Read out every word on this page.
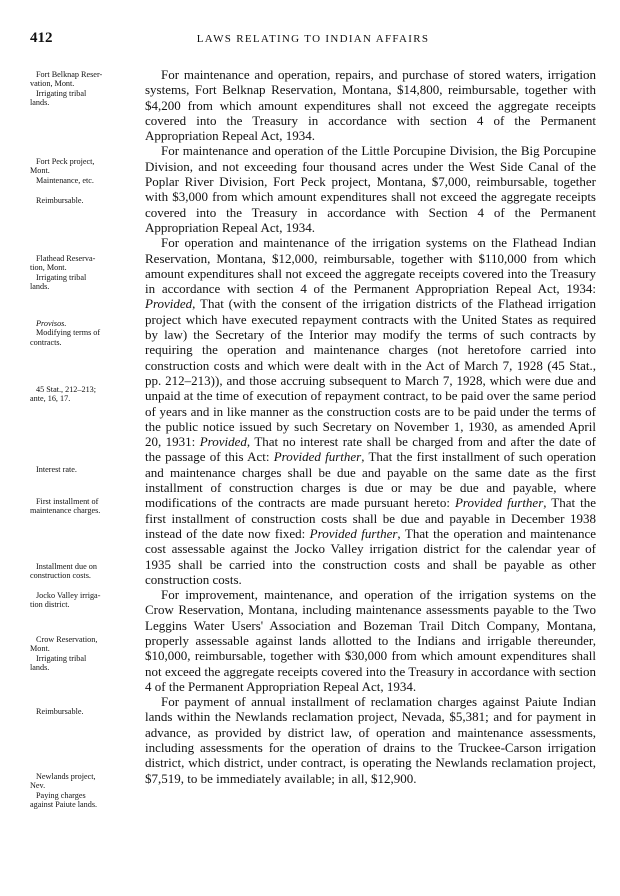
412	LAWS RELATING TO INDIAN AFFAIRS
Fort Belknap Reser-
vation, Mont.
Irrigating tribal
lands.
Fort Peck project,
Mont.
Maintenance, etc.
Reimbursable.
Flathead Reserva-
tion, Mont.
Irrigating tribal
lands.
Provisos.
Modifying terms of
contracts.
45 Stat., 212–213;
ante, 16, 17.
Interest rate.
First installment of
maintenance charges.
Installment due on
construction costs.
Jocko Valley irriga-
tion district.
Crow Reservation,
Mont.
Irrigating tribal
lands.
Reimbursable.
Newlands project,
Nev.
Paying charges
against Paiute lands.

For maintenance and operation, repairs, and purchase of stored waters, irrigation systems, Fort Belknap Reservation, Montana, $14,800, reimbursable, together with $4,200 from which amount expenditures shall not exceed the aggregate receipts covered into the Treasury in accordance with section 4 of the Permanent Appropriation Repeal Act, 1934.

For maintenance and operation of the Little Porcupine Division, the Big Porcupine Division, and not exceeding four thousand acres under the West Side Canal of the Poplar River Division, Fort Peck project, Montana, $7,000, reimbursable, together with $3,000 from which amount expenditures shall not exceed the aggregate receipts covered into the Treasury in accordance with Section 4 of the Permanent Appropriation Repeal Act, 1934.

For operation and maintenance of the irrigation systems on the Flathead Indian Reservation, Montana, $12,000, reimbursable, together with $110,000 from which amount expenditures shall not exceed the aggregate receipts covered into the Treasury in accordance with section 4 of the Permanent Appropriation Repeal Act, 1934: Provided, That (with the consent of the irrigation districts of the Flathead irrigation project which have executed repayment contracts with the United States as required by law) the Secretary of the Interior may modify the terms of such contracts by requiring the operation and maintenance charges (not heretofore carried into construction costs and which were dealt with in the Act of March 7, 1928 (45 Stat., pp. 212–213)), and those accruing subsequent to March 7, 1928, which were due and unpaid at the time of execution of repayment contract, to be paid over the same period of years and in like manner as the construction costs are to be paid under the terms of the public notice issued by such Secretary on November 1, 1930, as amended April 20, 1931: Provided, That no interest rate shall be charged from and after the date of the passage of this Act: Provided further, That the first installment of such operation and maintenance charges shall be due and payable on the same date as the first installment of construction charges is due or may be due and payable, where modifications of the contracts are made pursuant hereto: Provided further, That the first installment of construction costs shall be due and payable in December 1938 instead of the date now fixed: Provided further, That the operation and maintenance cost assessable against the Jocko Valley irrigation district for the calendar year of 1935 shall be carried into the construction costs and shall be payable as other construction costs.

For improvement, maintenance, and operation of the irrigation systems on the Crow Reservation, Montana, including maintenance assessments payable to the Two Leggins Water Users' Association and Bozeman Trail Ditch Company, Montana, properly assessable against lands allotted to the Indians and irrigable thereunder, $10,000, reimbursable, together with $30,000 from which amount expenditures shall not exceed the aggregate receipts covered into the Treasury in accordance with section 4 of the Permanent Appropriation Repeal Act, 1934.

For payment of annual installment of reclamation charges against Paiute Indian lands within the Newlands reclamation project, Nevada, $5,381; and for payment in advance, as provided by district law, of operation and maintenance assessments, including assessments for the operation of drains to the Truckee-Carson irrigation district, which district, under contract, is operating the Newlands reclamation project, $7,519, to be immediately available; in all, $12,900.
